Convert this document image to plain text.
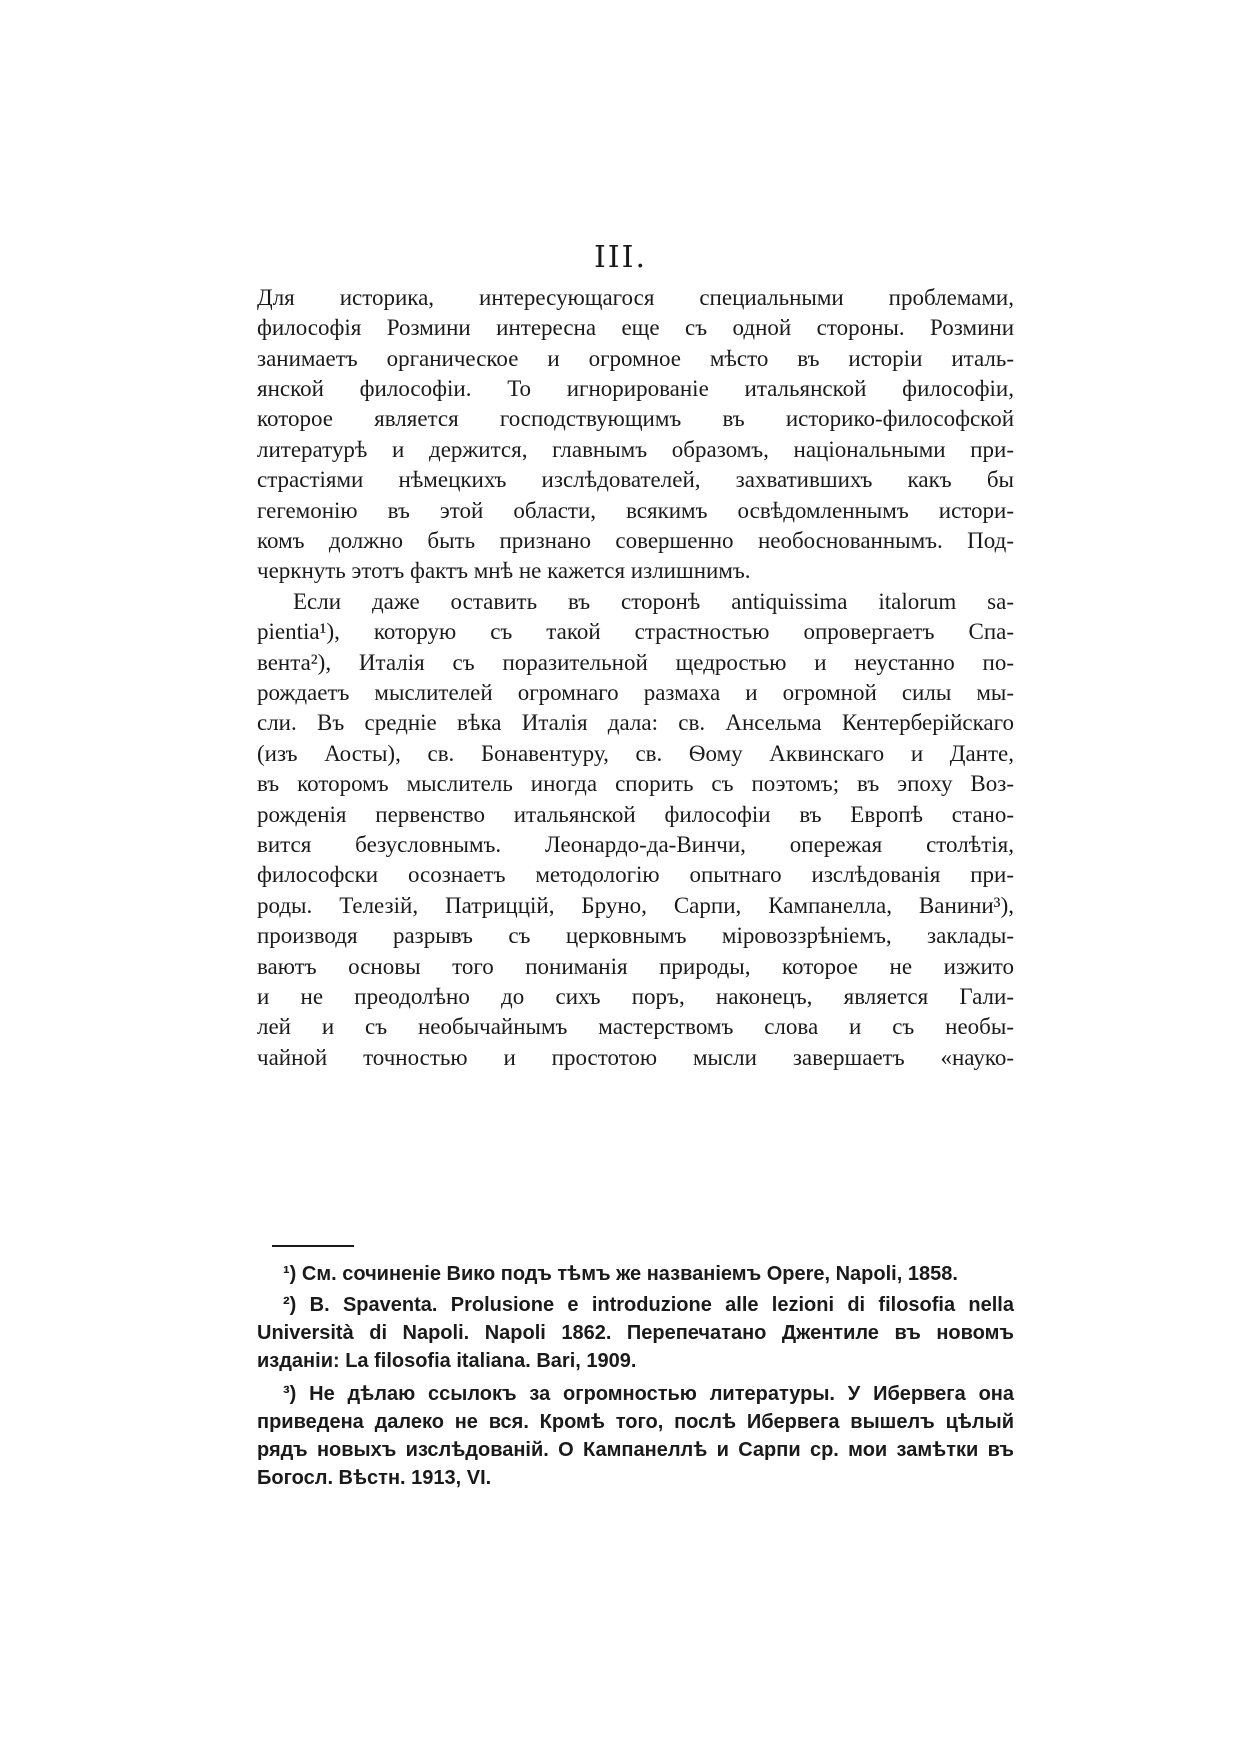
III.
Для историка, интересующагося специальными проблемами,
философія Розмини интересна еще съ одной стороны. Розмини
занимаетъ органическое и огромное мѣсто въ исторіи италь-
янской философіи. То игнорированіе итальянской философіи,
которое является господствующимъ въ историко-философской
литературѣ и держится, главнымъ образомъ, національными при-
страстіями нѣмецкихъ изслѣдователей, захватившихъ какъ бы
гегемонію въ этой области, всякимъ освѣдомленнымъ истори-
комъ должно быть признано совершенно необоснованнымъ. Под-
черкнуть этотъ фактъ мнѣ не кажется излишнимъ.
Если даже оставить въ сторонѣ antiquissima italorum sa-
pientia¹), которую съ такой страстностью опровергаетъ Спа-
вента²), Италія съ поразительной щедростью и неустанно по-
рождаетъ мыслителей огромнаго размаха и огромной силы мы-
сли. Въ средніе вѣка Италія дала: св. Ансельма Кентерберійскаго
(изъ Аосты), св. Бонавентуру, св. Ѳому Аквинскаго и Данте,
въ которомъ мыслитель иногда спорить съ поэтомъ; въ эпоху Воз-
рожденія первенство итальянской философіи въ Европѣ стано-
вится безусловнымъ. Леонардо-да-Винчи, опережая столѣтія,
философски осознаетъ методологію опытнаго изслѣдованія при-
роды. Телезій, Патриццій, Бруно, Сарпи, Кампанелла, Ванини³),
производя разрывъ съ церковнымъ міровоззрѣніемъ, заклады-
ваютъ основы того пониманія природы, которое не изжито
и не преодолѣно до сихъ поръ, наконецъ, является Гали-
лей и съ необычайнымъ мастерствомъ слова и съ необы-
чайной точностью и простотою мысли завершаетъ «науко-
¹) См. сочиненіе Вико подъ тѣмъ же названіемъ Opere, Napoli, 1858.
²) B. Spaventa. Prolusione e introduzione alle lezioni di filosofia nella
Università di Napoli. Napoli 1862. Перепечатано Джентиле въ новомъ
изданіи: La filosofia italiana. Bari, 1909.
³) Не дѣлаю ссылокъ за огромностью литературы. У Ибервега она
приведена далеко не вся. Кромѣ того, послѣ Ибервега вышелъ цѣлый
рядъ новыхъ изслѣдованій. О Кампанеллѣ и Сарпи ср. мои замѣтки въ
Богосл. Вѣстн. 1913, VI.
